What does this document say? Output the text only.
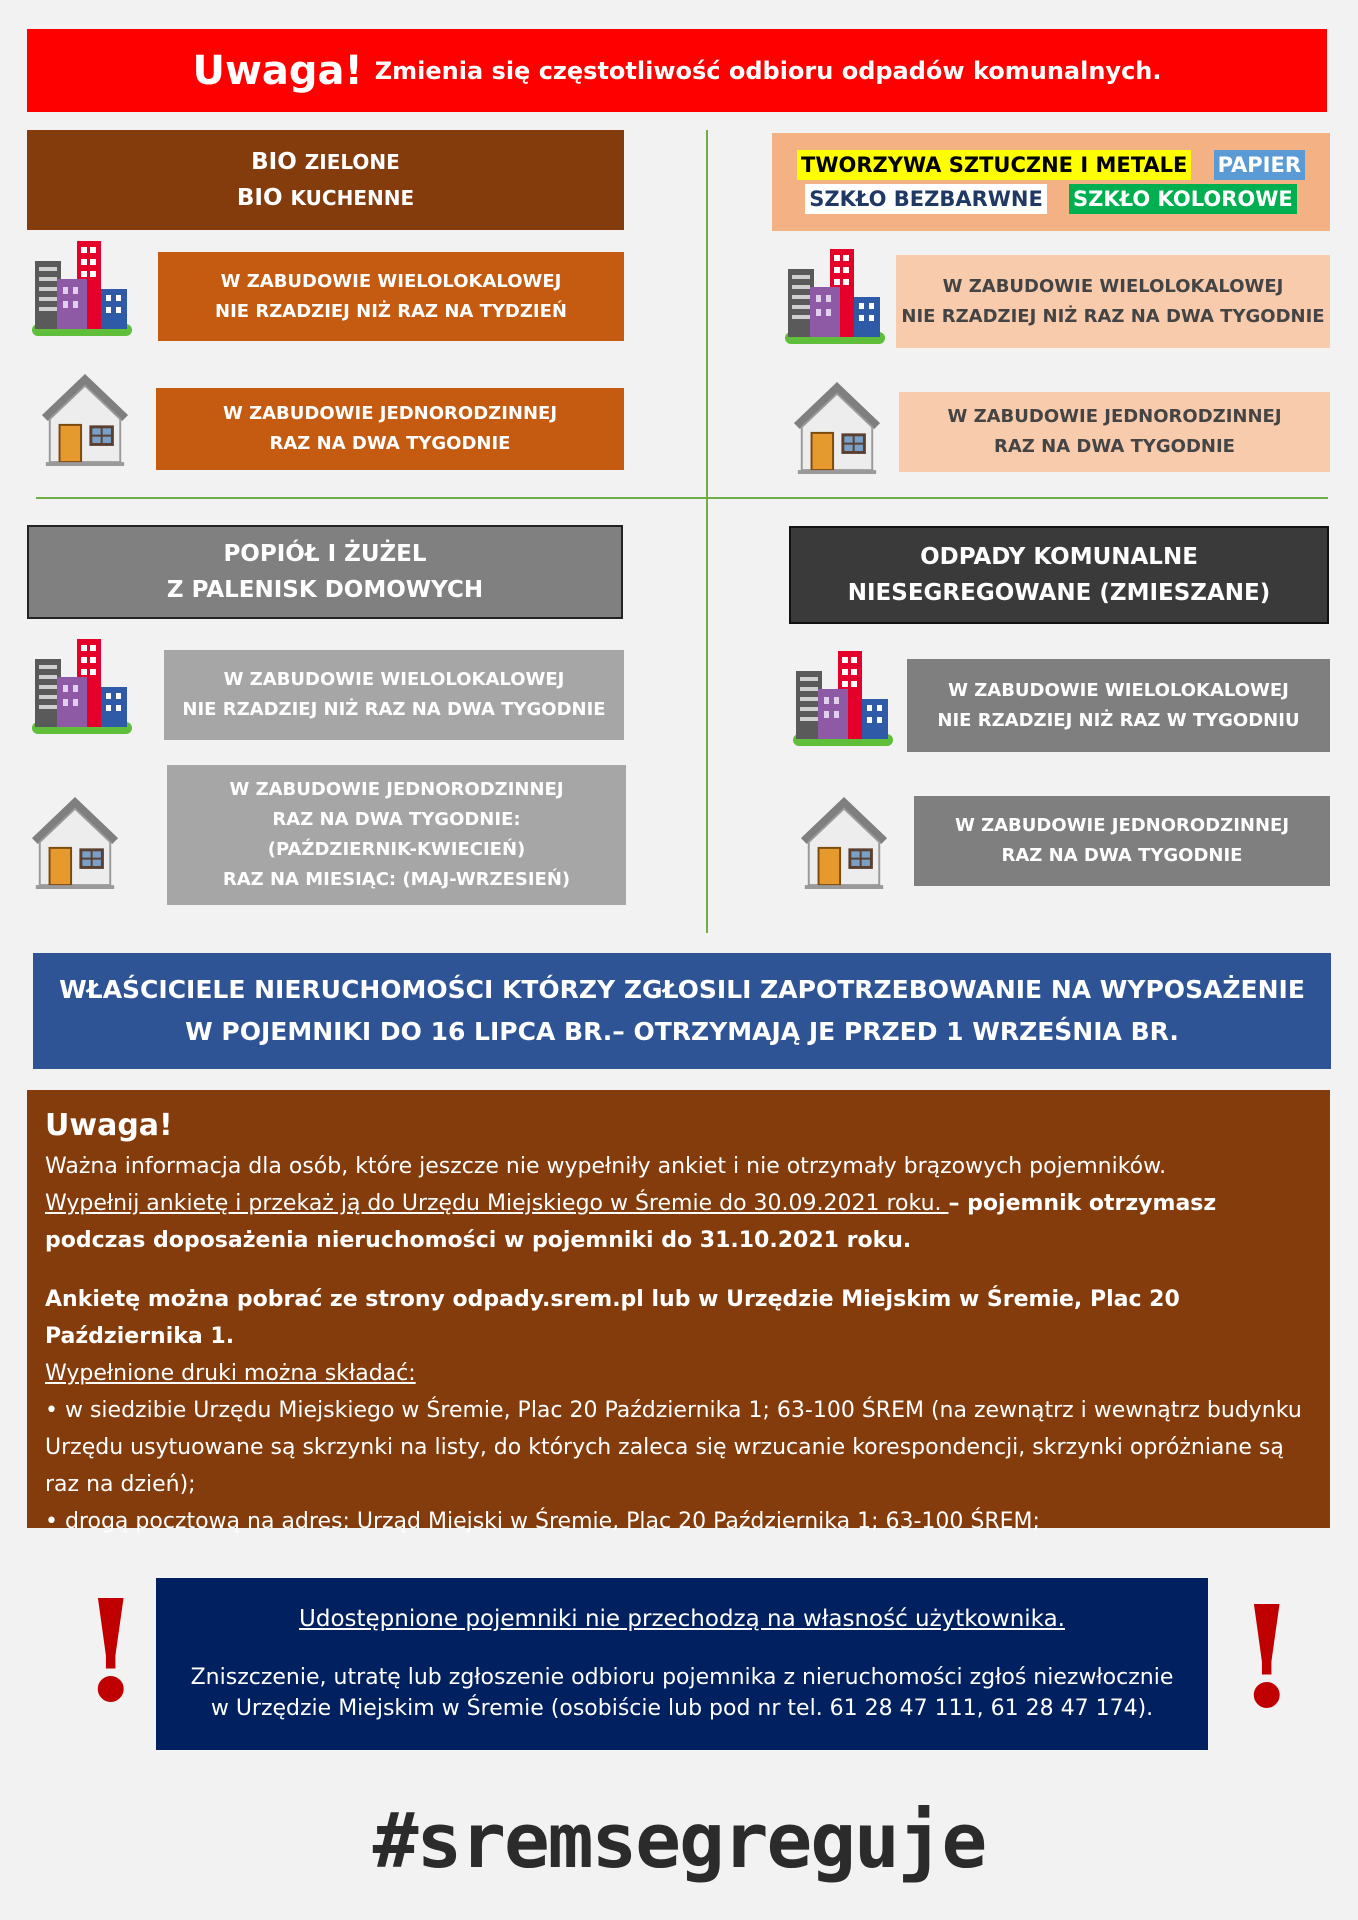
Uwaga! Zmienia się częstotliwość odbioru odpadów komunalnych.
BIO ZIELONE
BIO KUCHENNE
W ZABUDOWIE WIELOLOKALOWEJ
NIE RZADZIEJ NIŻ RAZ NA TYDZIEŃ
W ZABUDOWIE JEDNORODZINNEJ
RAZ NA DWA TYGODNIE
TWORZYWA SZTUCZNE I METALE PAPIER
SZKŁO BEZBARWNE SZKŁO KOLOROWE
W ZABUDOWIE WIELOLOKALOWEJ
NIE RZADZIEJ NIŻ RAZ NA DWA TYGODNIE
W ZABUDOWIE JEDNORODZINNEJ
RAZ NA DWA TYGODNIE
POPIÓŁ I ŻUŻEL
Z PALENISK DOMOWYCH
W ZABUDOWIE WIELOLOKALOWEJ
NIE RZADZIEJ NIŻ RAZ NA DWA TYGODNIE
W ZABUDOWIE JEDNORODZINNEJ
RAZ NA DWA TYGODNIE:
(PAŹDZIERNIK-KWIECIEŃ)
RAZ NA MIESIĄC: (MAJ-WRZESIEŃ)
ODPADY KOMUNALNE
NIESEGREGOWANE (ZMIESZANE)
W ZABUDOWIE WIELOLOKALOWEJ
NIE RZADZIEJ NIŻ RAZ W TYGODNIU
W ZABUDOWIE JEDNORODZINNEJ
RAZ NA DWA TYGODNIE
WŁAŚCICIELE NIERUCHOMOŚCI KTÓRZY ZGŁOSILI ZAPOTRZEBOWANIE NA WYPOSAŻENIE
W POJEMNIKI DO 16 LIPCA BR.– OTRZYMAJĄ JE PRZED 1 WRZEŚNIA BR.
Uwaga!
Ważna informacja dla osób, które jeszcze nie wypełniły ankiet i nie otrzymały brązowych pojemników.
Wypełnij ankietę i przekaż ją do Urzędu Miejskiego w Śremie do 30.09.2021 roku. – pojemnik otrzymasz podczas doposażenia nieruchomości w pojemniki do 31.10.2021 roku.
Ankietę można pobrać ze strony odpady.srem.pl lub w Urzędzie Miejskim w Śremie, Plac 20 Października 1.
Wypełnione druki można składać:
• w siedzibie Urzędu Miejskiego w Śremie, Plac 20 Października 1; 63-100 ŚREM (na zewnątrz i wewnątrz budynku Urzędu usytuowane są skrzynki na listy, do których zaleca się wrzucanie korespondencji, skrzynki opróżniane są raz na dzień);
• drogą pocztową na adres: Urząd Miejski w Śremie, Plac 20 Października 1; 63-100 ŚREM;
!	!
Udostępnione pojemniki nie przechodzą na własność użytkownika.
Zniszczenie, utratę lub zgłoszenie odbioru pojemnika z nieruchomości zgłoś niezwłocznie
w Urzędzie Miejskim w Śremie (osobiście lub pod nr tel. 61 28 47 111, 61 28 47 174).
#sremsegreguje
